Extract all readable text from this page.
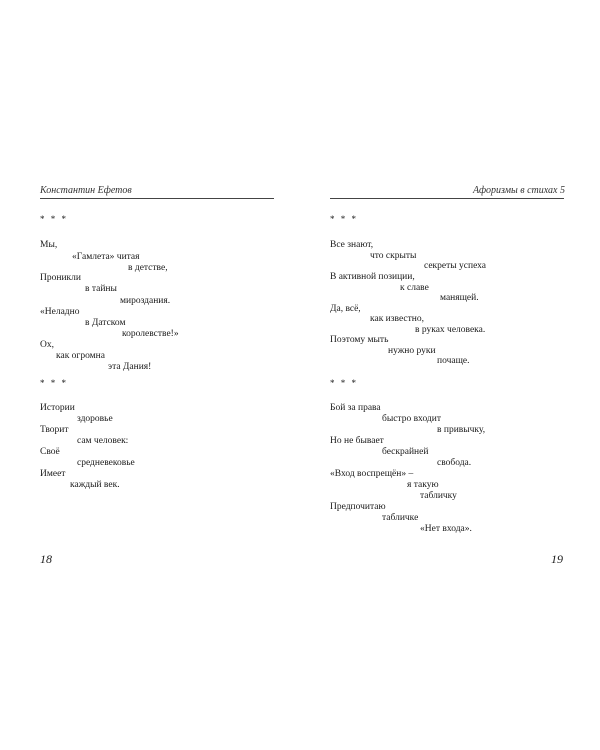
Константин Ефетов
* * *
Мы,
«Гамлета» читая
в детстве,
Проникли
в тайны
мироздания.
«Неладно
в Датском
королевстве!»
Ох,
как огромна
эта Дания!
* * *
Истории
здоровье
Творит
сам человек:
Своё
средневековье
Имеет
каждый век.
18
Афоризмы в стихах 5
* * *
Все знают,
что скрыты
секреты успеха
В активной позиции,
к славе
манящей.
Да, всё,
как известно,
в руках человека.
Поэтому мыть
нужно руки
почаще.
* * *
Бой за права
быстро входит
в привычку,
Но не бывает
бескрайней
свобода.
«Вход воспрещён» –
я такую
табличку
Предпочитаю
табличке
«Нет входа».
19
